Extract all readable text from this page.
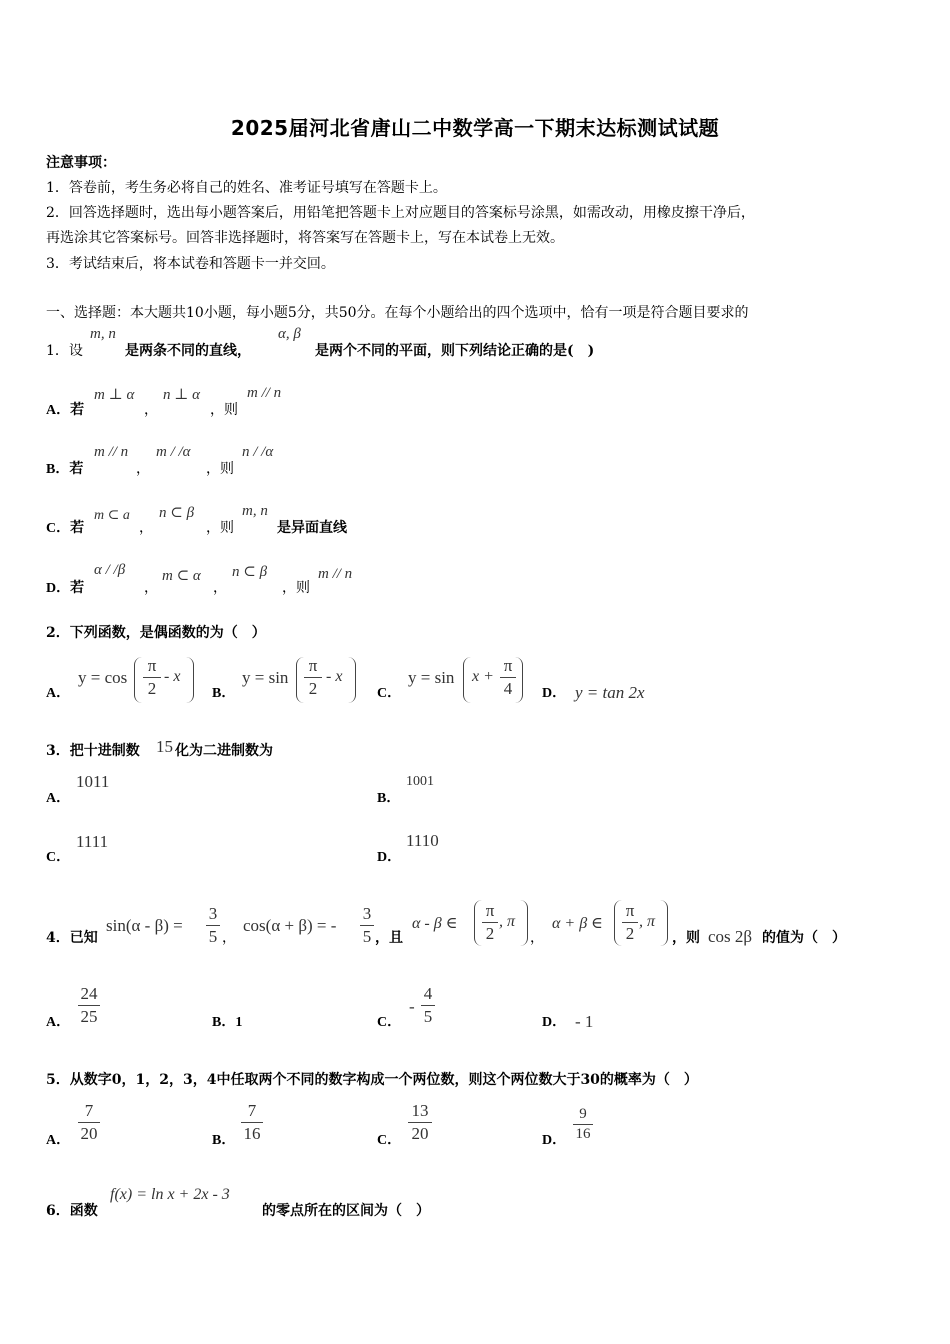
2025届河北省唐山二中数学高一下期末达标测试试题
注意事项：
1．答卷前，考生务必将自己的姓名、准考证号填写在答题卡上。
2．回答选择题时，选出每小题答案后，用铅笔把答题卡上对应题目的答案标号涂黑，如需改动，用橡皮擦干净后，
再选涂其它答案标号。回答非选择题时，将答案写在答题卡上，写在本试卷上无效。
3．考试结束后，将本试卷和答题卡一并交回。
一、选择题：本大题共10小题，每小题5分，共50分。在每个小题给出的四个选项中，恰有一项是符合题目要求的
1．设
m, n
是两条不同的直线，
α, β
是两个不同的平面，则下列结论正确的是(　)
A．若
m ⊥ α
，
n ⊥ α
，则
m // n
B．若
m // n
，
m / /α
，则
n / /α
C．若
m ⊂ a
，
n ⊂ β
，则
m, n
是异面直线
D．若
α / /β
，
m ⊂ α
，
n ⊂ β
，则
m // n
2．下列函数，是偶函数的为（　）
A．
y = cos
π
2
- x
B．
y = sin
π
2
- x
C．
y = sin x +
π
4 D． y = tan 2x
3．把十进制数 15 化为二进制数为
A．
1011
B．
1001
C．
1111
D．
1110
4．已知
sin(α - β) =
3
5 ，
cos(α + β) = -
3
5 ，且
α - β ∈
π
2
, π
，
α + β ∈
π
2
, π
，则 cos 2β 的值为（　）
A．
24
25	B．1	C．
-
4
5	D． - 1
5．从数字0，1，2，3，4中任取两个不同的数字构成一个两位数，则这个两位数大于30的概率为（　）
A．
7
20	B．
7
16	C．
13
20	D．
9
16
6．函数
f(x) = ln x + 2x - 3
的零点所在的区间为（　）
